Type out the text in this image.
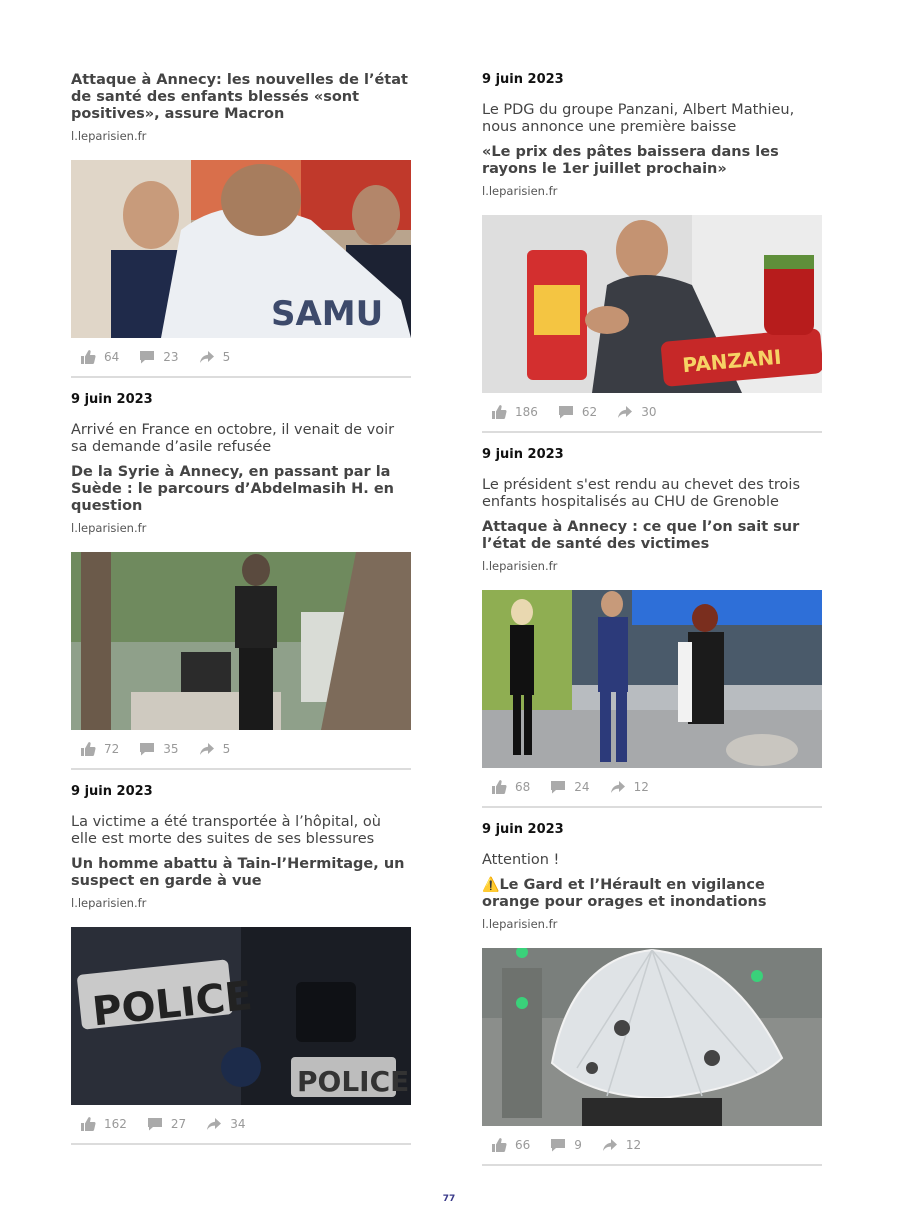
Attaque à Annecy: les nouvelles de l’état de santé des enfants blessés «sont positives», assure Macron
l.leparisien.fr
SAMU
64	23	5
9 juin 2023
Arrivé en France en octobre, il venait de voir sa demande d’asile refusée
De la Syrie à Annecy, en passant par la Suède : le parcours d’Abdelmasih H. en question
l.leparisien.fr
72	35	5
9 juin 2023
La victime a été transportée à l’hôpital, où elle est morte des suites de ses blessures
Un homme abattu à Tain-l’Hermitage, un suspect en garde à vue
l.leparisien.fr
POLICE
POLICE
162	27	34
9 juin 2023
Le PDG du groupe Panzani, Albert Mathieu, nous annonce une première baisse
«Le prix des pâtes baissera dans les rayons le 1er juillet prochain»
l.leparisien.fr
PANZANI
186	62	30
9 juin 2023
Le président s'est rendu au chevet des trois enfants hospitalisés au CHU de Grenoble
Attaque à Annecy : ce que l’on sait sur l’état de santé des victimes
l.leparisien.fr
68	24	12
9 juin 2023
Attention !
⚠️Le Gard et l’Hérault en vigilance orange pour orages et inondations
l.leparisien.fr
66	9	12
77
